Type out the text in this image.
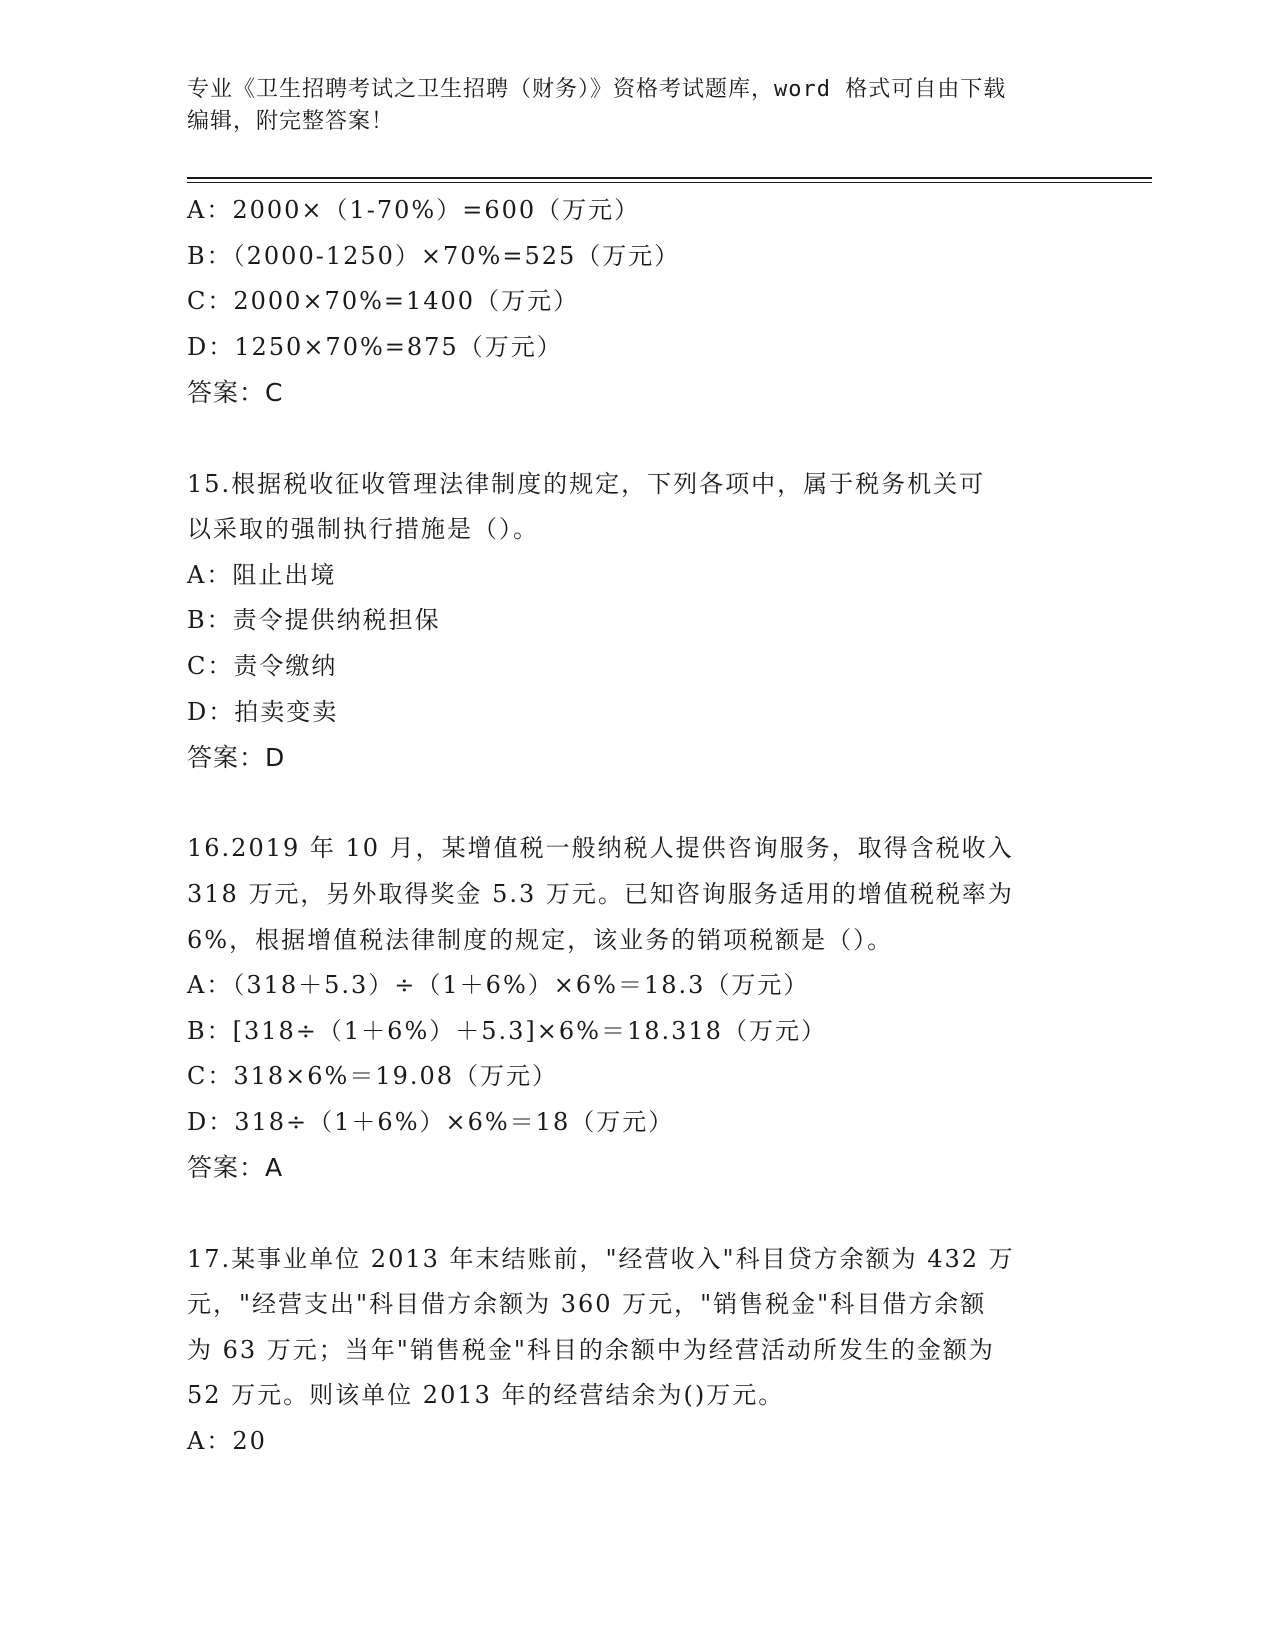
专业《卫生招聘考试之卫生招聘（财务）》资格考试题库，word 格式可自由下载
编辑，附完整答案！
A：2000×（1-70%）=600（万元）
B：（2000-1250）×70%=525（万元）
C：2000×70%=1400（万元）
D：1250×70%=875（万元）
答案：C
15.根据税收征收管理法律制度的规定，下列各项中，属于税务机关可
以采取的强制执行措施是（）。
A：阻止出境
B：责令提供纳税担保
C：责令缴纳
D：拍卖变卖
答案：D
16.2019 年 10 月，某增值税一般纳税人提供咨询服务，取得含税收入
318 万元，另外取得奖金 5.3 万元。已知咨询服务适用的增值税税率为
6%，根据增值税法律制度的规定，该业务的销项税额是（）。
A：（318＋5.3）÷（1＋6%）×6%＝18.3（万元）
B：[318÷（1＋6%）＋5.3]×6%＝18.318（万元）
C：318×6%＝19.08（万元）
D：318÷（1＋6%）×6%＝18（万元）
答案：A
17.某事业单位 2013 年末结账前，"经营收入"科目贷方余额为 432 万
元，"经营支出"科目借方余额为 360 万元，"销售税金"科目借方余额
为 63 万元；当年"销售税金"科目的余额中为经营活动所发生的金额为
52 万元。则该单位 2013 年的经营结余为()万元。
A：20
